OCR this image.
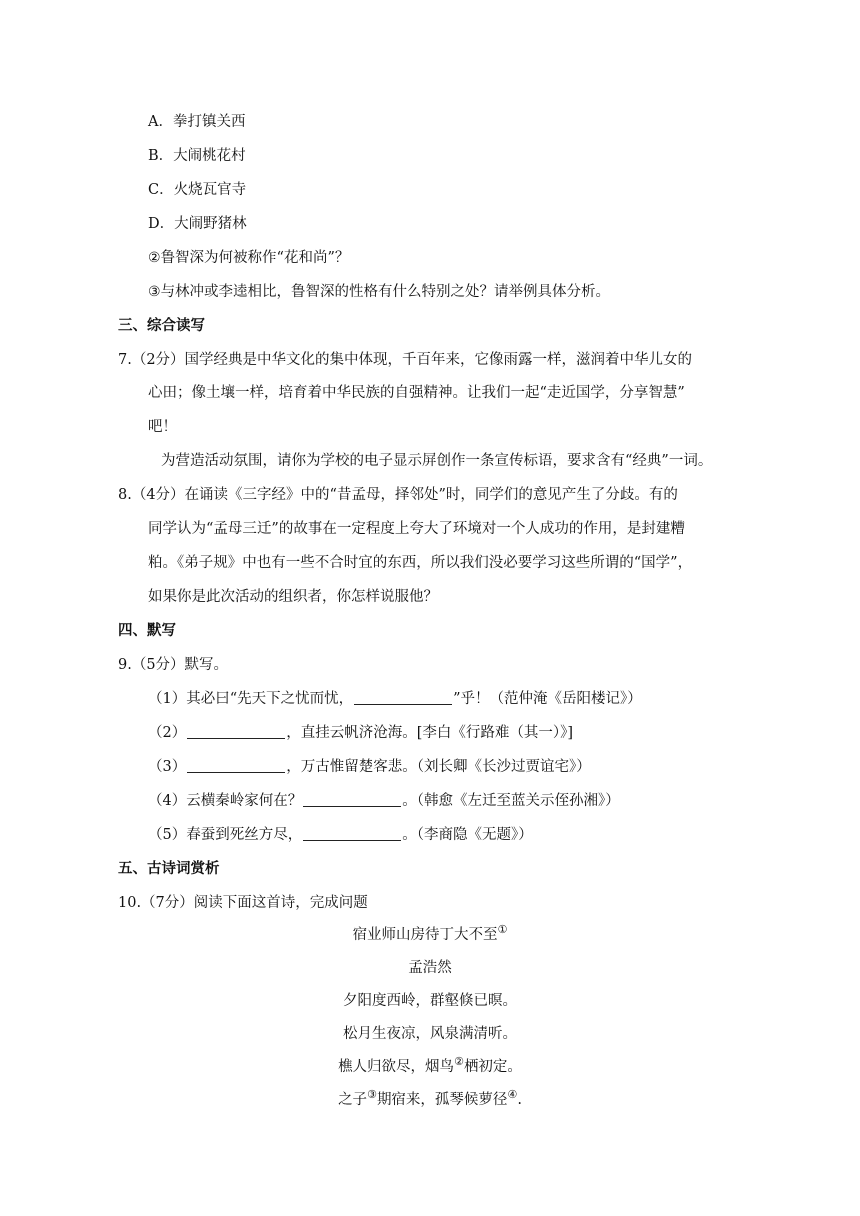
A．拳打镇关西
B．大闹桃花村
C．火烧瓦官寺
D．大闹野猪林
②鲁智深为何被称作“花和尚”？
③与林冲或李逵相比，鲁智深的性格有什么特别之处？请举例具体分析。
三、综合读写
7.（2分）国学经典是中华文化的集中体现，千百年来，它像雨露一样，滋润着中华儿女的
心田；像土壤一样，培育着中华民族的自强精神。让我们一起“走近国学，分享智慧”
吧！
为营造活动氛围，请你为学校的电子显示屏创作一条宣传标语，要求含有“经典”一词。
8.（4分）在诵读《三字经》中的“昔孟母，择邻处”时，同学们的意见产生了分歧。有的
同学认为“孟母三迁”的故事在一定程度上夸大了环境对一个人成功的作用，是封建糟
粕。《弟子规》中也有一些不合时宜的东西，所以我们没必要学习这些所谓的“国学”，
如果你是此次活动的组织者，你怎样说服他？
四、默写
9.（5分）默写。
（1）其必曰“先天下之忧而忧，	”乎！（范仲淹《岳阳楼记》）
（2）	，直挂云帆济沧海。[李白《行路难（其一）》]
（3）	，万古惟留楚客悲。（刘长卿《长沙过贾谊宅》）
（4）云横秦岭家何在？	。（韩愈《左迁至蓝关示侄孙湘》）
（5）春蚕到死丝方尽，	。（李商隐《无题》）
五、古诗词赏析
10.（7分）阅读下面这首诗，完成问题
宿业师山房待丁大不至①
孟浩然
夕阳度西岭，群壑倏已暝。
松月生夜凉，风泉满清听。
樵人归欲尽，烟鸟②栖初定。
之子③期宿来，孤琴候萝径④.
